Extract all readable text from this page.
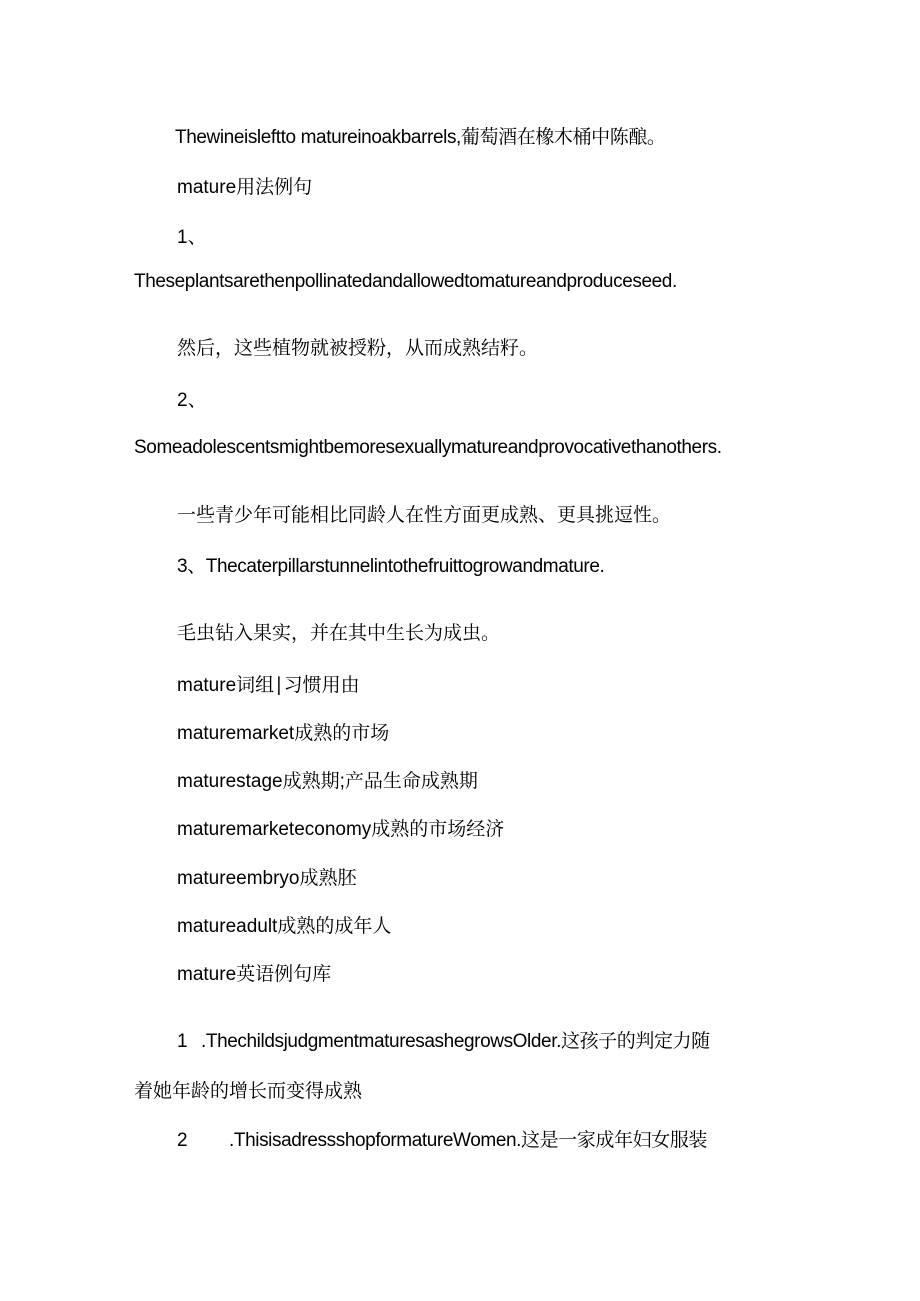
Thewineisleftto matureinoakbarrels,葡萄酒在橡木桶中陈酿。
mature用法例句
1、
Theseplantsarethenpollinatedandallowedtomatureandproduceseed.
然后，这些植物就被授粉，从而成熟结籽。
2、
Someadolescentsmightbemoresexuallymatureandprovocativethanothers.
一些青少年可能相比同龄人在性方面更成熟、更具挑逗性。
3、Thecaterpillarstunnelintothefruittogrowandmature.
毛虫钻入果实，并在其中生长为成虫。
mature词组∣习惯用由
maturemarket成熟的市场
maturestage成熟期;产品生命成熟期
maturemarketeconomy成熟的市场经济
matureembryo成熟胚
matureadult成熟的成年人
mature英语例句库
1 .ThechildsjudgmentmaturesashegrowsOlder.这孩子的判定力随
着她年龄的增长而变得成熟
2 .ThisisadressshopformatureWomen.这是一家成年妇女服装
